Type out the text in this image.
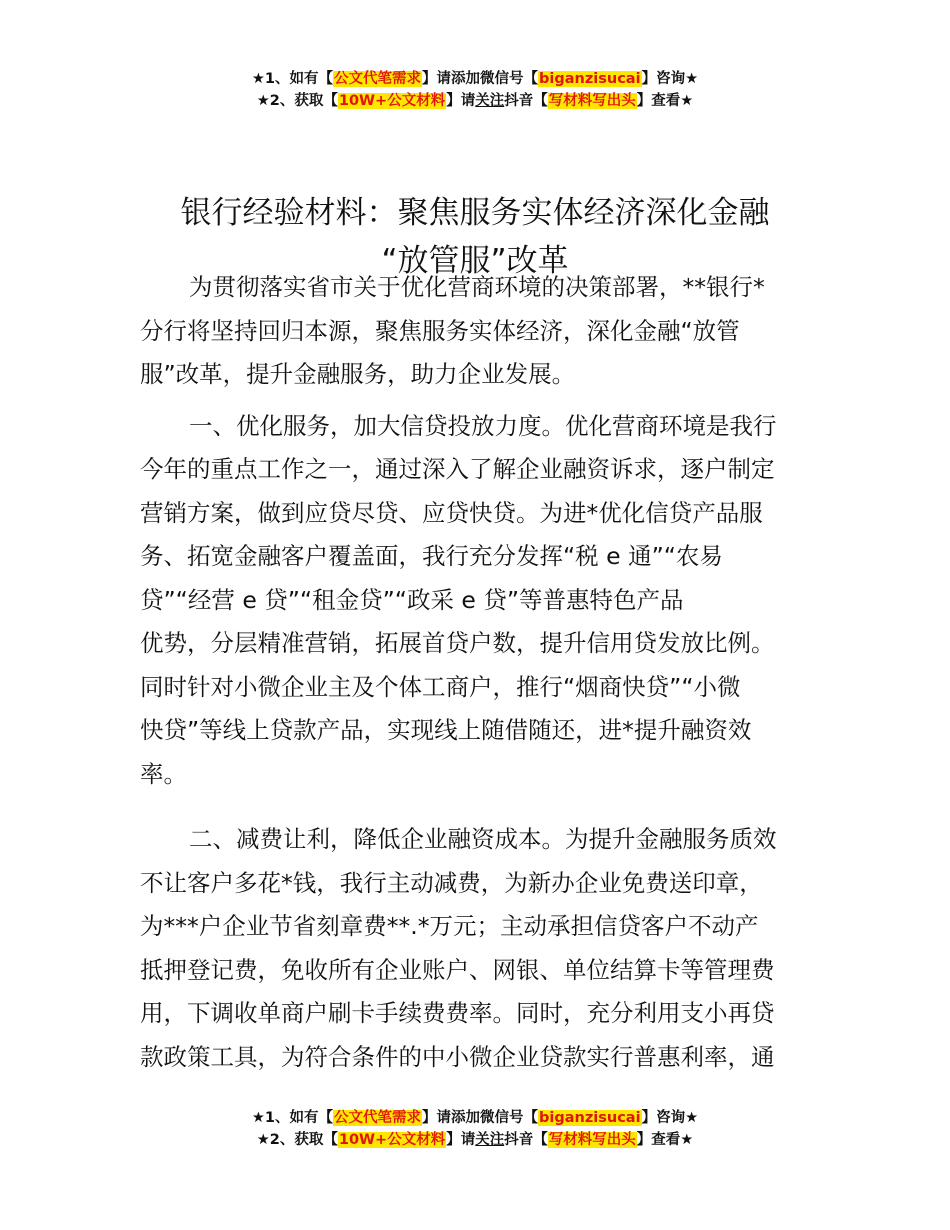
★1、如有【公文代笔需求】请添加微信号【biganzisucai】咨询★
★2、获取【10W+公文材料】请关注抖音【写材料写出头】查看★
银行经验材料：聚焦服务实体经济深化金融
“放管服”改革
为贯彻落实省市关于优化营商环境的决策部署，**银行*
分行将坚持回归本源，聚焦服务实体经济，深化金融“放管
服”改革，提升金融服务，助力企业发展。
一、优化服务，加大信贷投放力度。优化营商环境是我行
今年的重点工作之一，通过深入了解企业融资诉求，逐户制定
营销方案，做到应贷尽贷、应贷快贷。为进*优化信贷产品服
务、拓宽金融客户覆盖面，我行充分发挥“税 e 通”“农易
贷”“经营 e 贷”“租金贷”“政采 e 贷”等普惠特色产品
优势，分层精准营销，拓展首贷户数，提升信用贷发放比例。
同时针对小微企业主及个体工商户，推行“烟商快贷”“小微
快贷”等线上贷款产品，实现线上随借随还，进*提升融资效
率。
二、减费让利，降低企业融资成本。为提升金融服务质效
不让客户多花*钱，我行主动减费，为新办企业免费送印章，
为***户企业节省刻章费**.*万元；主动承担信贷客户不动产
抵押登记费，免收所有企业账户、网银、单位结算卡等管理费
用，下调收单商户刷卡手续费费率。同时，充分利用支小再贷
款政策工具，为符合条件的中小微企业贷款实行普惠利率，通
★1、如有【公文代笔需求】请添加微信号【biganzisucai】咨询★
★2、获取【10W+公文材料】请关注抖音【写材料写出头】查看★
